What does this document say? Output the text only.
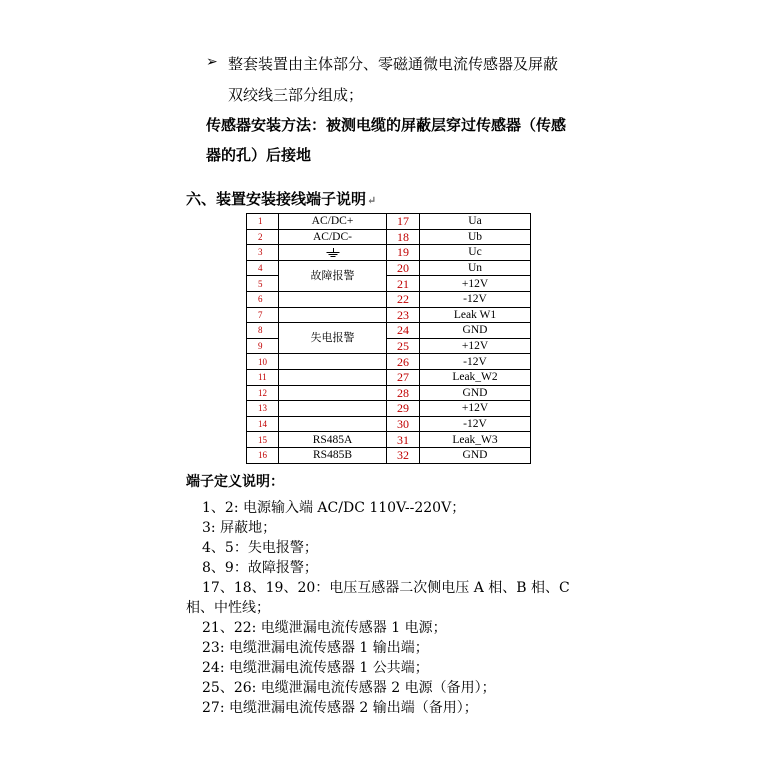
➢ 整套装置由主体部分、零磁通微电流传感器及屏蔽
双绞线三部分组成；
传感器安装方法：被测电缆的屏蔽层穿过传感器（传感
器的孔）后接地
六、装置安装接线端子说明↵
1	AC/DC+	17	Ua
2	AC/DC-	18	Ub
3		19	Uc
4	故障报警	20	Un
5		21	+12V
6		22	-12V
7		23	Leak W1
8	失电报警	24	GND
9		25	+12V
10		26	-12V
11		27	Leak_W2
12		28	GND
13		29	+12V
14		30	-12V
15	RS485A	31	Leak_W3
16	RS485B	32	GND
端子定义说明：
1、2: 电源输入端 AC/DC 110V--220V；
3: 屏蔽地；
4、5：失电报警；
8、9：故障报警；
17、18、19、20：电压互感器二次侧电压 A 相、B 相、C
相、中性线；
21、22: 电缆泄漏电流传感器 1 电源；
23: 电缆泄漏电流传感器 1 输出端；
24: 电缆泄漏电流传感器 1 公共端；
25、26: 电缆泄漏电流传感器 2 电源（备用）；
27: 电缆泄漏电流传感器 2 输出端（备用）；
